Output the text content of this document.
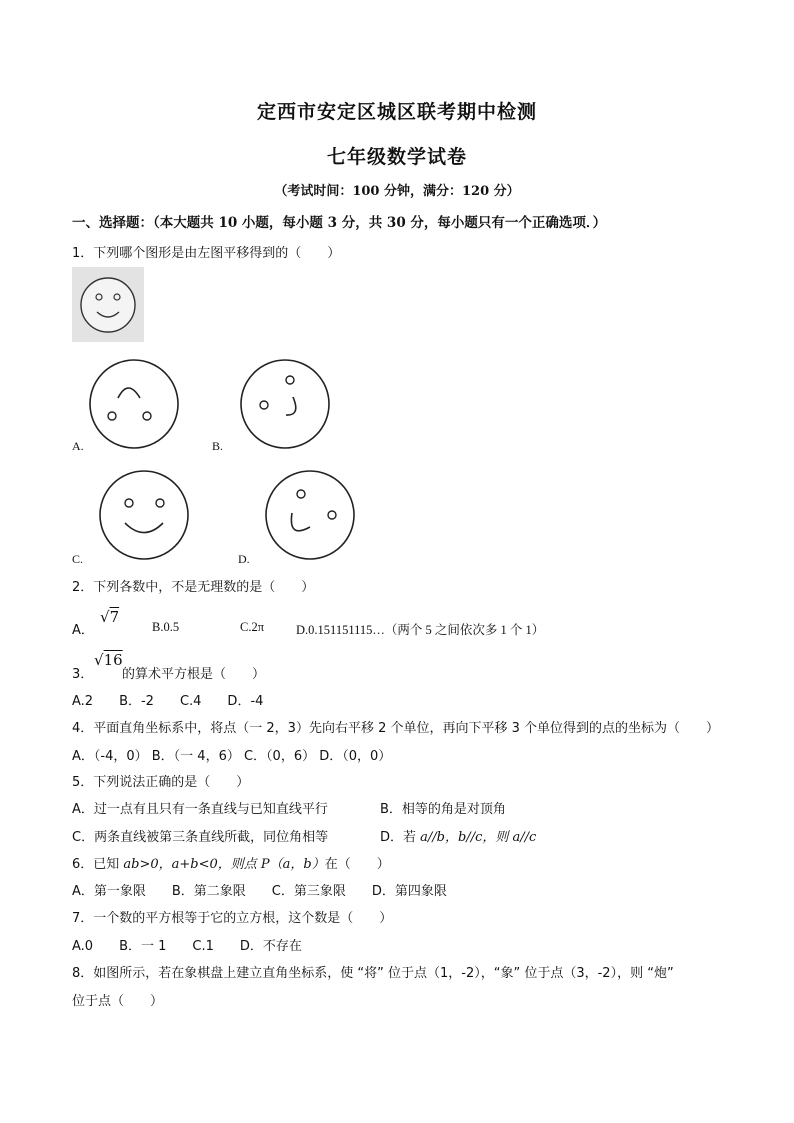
定西市安定区城区联考期中检测
七年级数学试卷
（考试时间：100 分钟，满分：120 分）
一、选择题：（本大题共 10 小题，每小题 3 分，共 30 分，每小题只有一个正确选项．）
1．下列哪个图形是由左图平移得到的（　　）
A.	B.
C.	D.
2．下列各数中，不是无理数的是（　　）
A．
√7
B.0.5	C.2π	D.0.151151115…（两个 5 之间依次多 1 个 1）
3．
√16
的算术平方根是（　　）
A.2　　B．-2　　C.4　　D．-4
4．平面直角坐标系中，将点（一 2，3）先向右平移 2 个单位，再向下平移 3 个单位得到的点的坐标为（　　）
A．（-4，0） B．（一 4，6） C．（0，6） D．（0，0）
5．下列说法正确的是（　　）
A．过一点有且只有一条直线与已知直线平行	B．相等的角是对顶角
C．两条直线被第三条直线所截，同位角相等	D．若 a//b，b//c，则 a//c
6．已知 ab>0，a+b<0，则点 P（a，b）在（　　）
A．第一象限　　B．第二象限　　C．第三象限　　D．第四象限
7．一个数的平方根等于它的立方根，这个数是（　　）
A.0　　B．一 1　　C.1　　D．不存在
8．如图所示，若在象棋盘上建立直角坐标系，使 “将” 位于点（1，-2），“象” 位于点（3，-2），则 “炮”
位于点（　　）
